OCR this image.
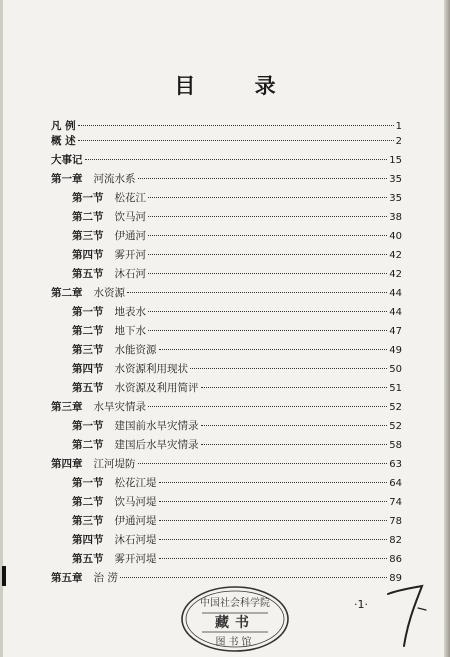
目 录
凡 例	1
概 述	2
大事记	15
第一章 河流水系	35
第一节 松花江	35
第二节 饮马河	38
第三节 伊通河	40
第四节 雾开河	42
第五节 沐石河	42
第二章 水资源	44
第一节 地表水	44
第二节 地下水	47
第三节 水能资源	49
第四节 水资源利用现状	50
第五节 水资源及利用简评	51
第三章 水旱灾情录	52
第一节 建国前水旱灾情录	52
第二节 建国后水旱灾情录	58
第四章 江河堤防	63
第一节 松花江堤	64
第二节 饮马河堤	74
第三节 伊通河堤	78
第四节 沐石河堤	82
第五节 雾开河堤	86
第五章 治 涝	89
·1·
中国社会科学院
藏书
图书馆
